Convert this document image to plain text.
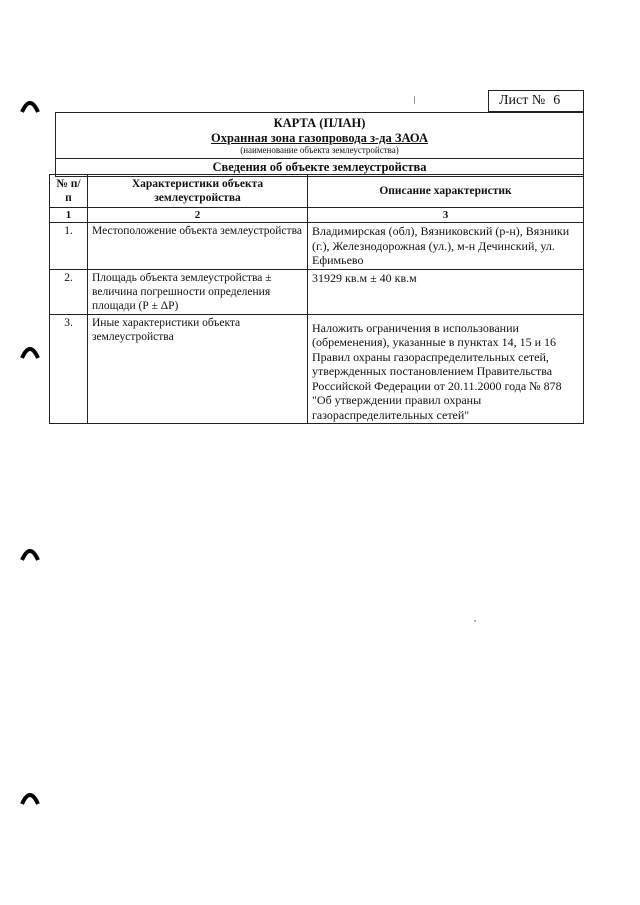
Лист № 6
КАРТА (ПЛАН)
Охранная зона газопровода з-да ЗАОА
(наименование объекта землеустройства)
Сведения об объекте землеустройства
№ п/п	Характеристики объекта землеустройства	Описание характеристик
1	2	3
1.	Местоположение объекта землеустройства	Владимирская (обл), Вязниковский (р-н), Вязники (г.), Железнодорожная (ул.), м-н Дечинский, ул. Ефимьево
2.	Площадь объекта землеустройства ± величина погрешности определения площади (Р ± ΔР)	31929 кв.м ± 40 кв.м
3.	Иные характеристики объекта землеустройства	Наложить ограничения в использовании (обременения), указанные в пунктах 14, 15 и 16 Правил охраны газораспределительных сетей, утвержденных постановлением Правительства Российской Федерации от 20.11.2000 года № 878 "Об утверждении правил охраны газораспределительных сетей"
